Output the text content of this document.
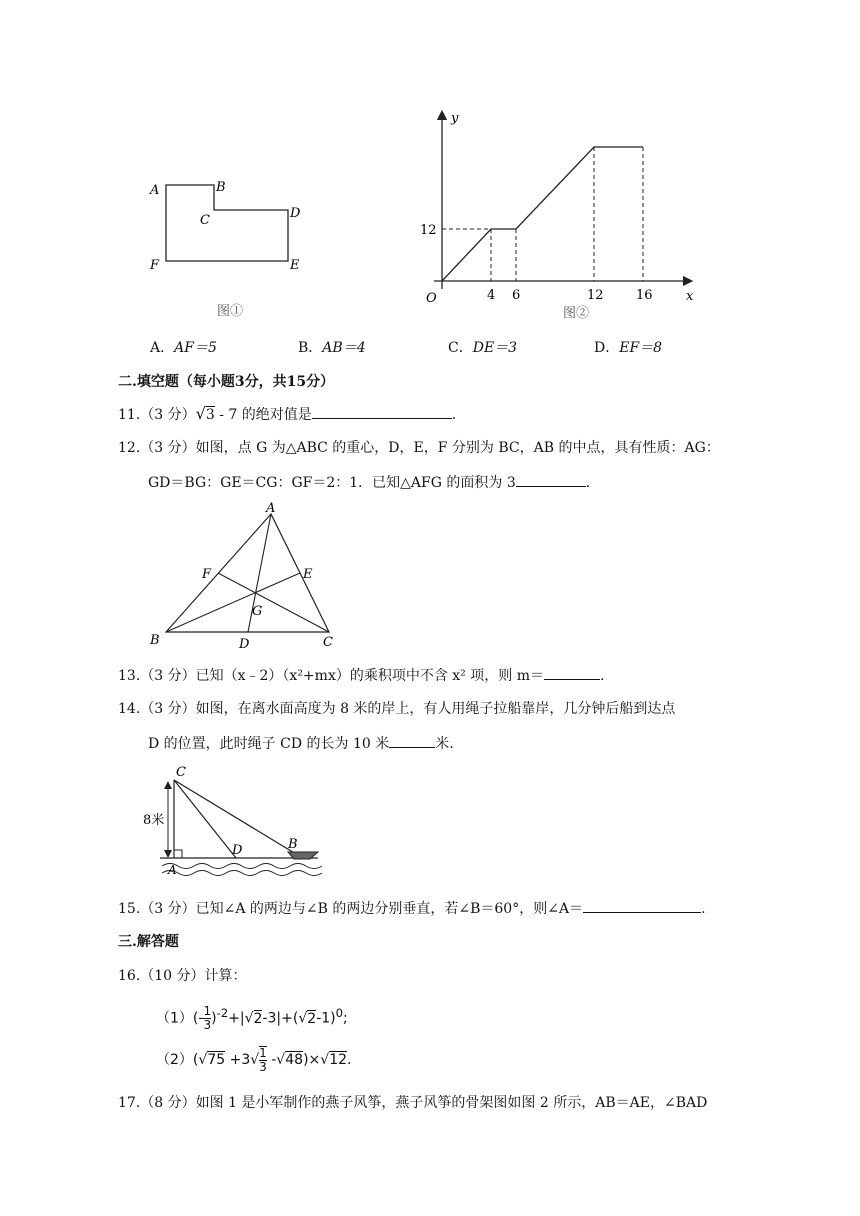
A	B
C	D
E
F
图①
y
x
O
12
4 6	12 16
图②
A．AF＝5	B．AB＝4	C．DE＝3	D．EF＝8
二.填空题（每小题3分，共15分）
11.（3 分）√3 - 7 的绝对值是	.
12.（3 分）如图，点 G 为△ABC 的重心，D，E，F 分别为 BC，AB 的中点，具有性质：AG：
GD＝BG：GE＝CG：GF＝2：1．已知△AFG 的面积为 3	.
A
B	C
D
E
F
G
13.（3 分）已知（x﹣2）（x²+mx）的乘积项中不含 x² 项，则 m＝	.
14.（3 分）如图，在离水面高度为 8 米的岸上，有人用绳子拉船靠岸，几分钟后船到达点
D 的位置，此时绳子 CD 的长为 10 米	米.
C
D	B
A
8米
15.（3 分）已知∠A 的两边与∠B 的两边分别垂直，若∠B＝60°，则∠A＝	.
三.解答题
16.（10 分）计算：
$(1)(- \frac{1}{3} )^{-2}+|√2-3|+(√2-1)^0$;
$(2)(√75 +3√ \frac{1}{3} -√48)\times√12$.
17.（8 分）如图 1 是小军制作的燕子风筝，燕子风筝的骨架图如图 2 所示，AB＝AE，∠BAD
